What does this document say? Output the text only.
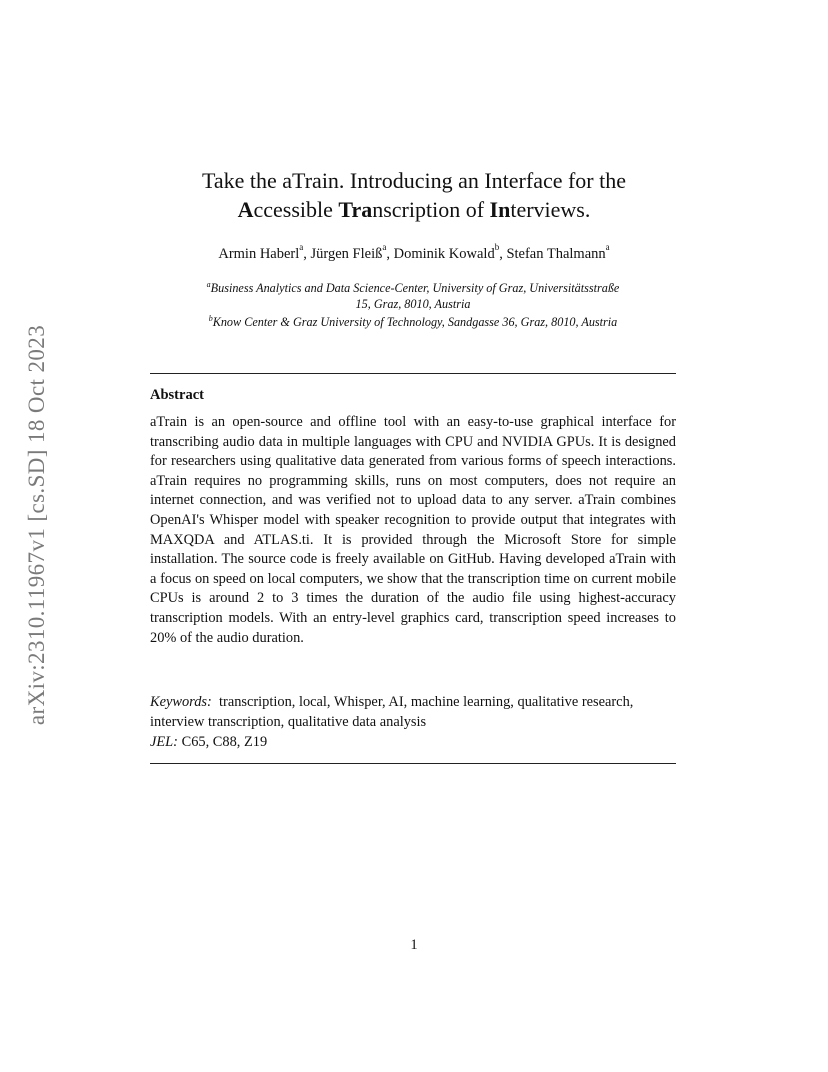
arXiv:2310.11967v1 [cs.SD] 18 Oct 2023
Take the aTrain. Introducing an Interface for the
Accessible Transcription of Interviews.
Armin Haberl$^a$, Jürgen Fleiß$^a$, Dominik Kowald$^b$, Stefan Thalmann$^a$
$^a$Business Analytics and Data Science-Center, University of Graz, Universitätsstraße
15, Graz, 8010, Austria
$^b$Know Center & Graz University of Technology, Sandgasse 36, Graz, 8010, Austria
Abstract
aTrain is an open-source and offline tool with an easy-to-use graphical interface for transcribing audio data in multiple languages with CPU and NVIDIA GPUs. It is designed for researchers using qualitative data generated from various forms of speech interactions. aTrain requires no programming skills, runs on most computers, does not require an internet connection, and was verified not to upload data to any server. aTrain combines OpenAI's Whisper model with speaker recognition to provide output that integrates with MAXQDA and ATLAS.ti. It is provided through the Microsoft Store for simple installation. The source code is freely available on GitHub. Having developed aTrain with a focus on speed on local computers, we show that the transcription time on current mobile CPUs is around 2 to 3 times the duration of the audio file using highest-accuracy transcription models. With an entry-level graphics card, transcription speed increases to 20% of the audio duration.
Keywords: transcription, local, Whisper, AI, machine learning, qualitative research, interview transcription, qualitative data analysis
JEL: C65, C88, Z19
1
